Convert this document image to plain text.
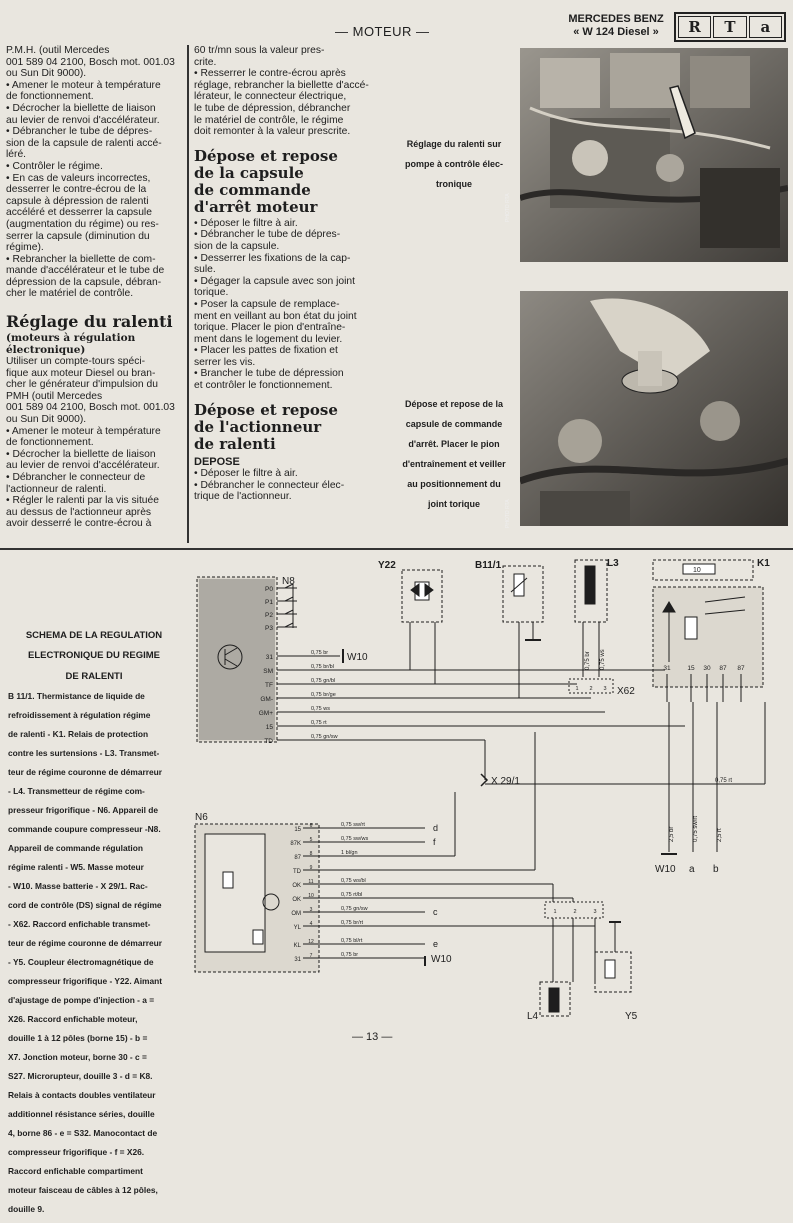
— MOTEUR —
MERCEDES BENZ
« W 124 Diesel »	R	T	a

P.M.H. (outil Mercedes

001 589 04 2100, Bosch mot. 001.03

ou Sun Dit 9000).

• Amener le moteur à température

de fonctionnement.

• Décrocher la biellette de liaison

au levier de renvoi d'accélérateur.

• Débrancher le tube de dépres-

sion de la capsule de ralenti accé-

léré.

• Contrôler le régime.

• En cas de valeurs incorrectes,

desserrer le contre-écrou de la

capsule à dépression de ralenti

accéléré et desserrer la capsule

(augmentation du régime) ou res-

serrer la capsule (diminution du

régime).

• Rebrancher la biellette de com-

mande d'accélérateur et le tube de

dépression de la capsule, débran-

cher le matériel de contrôle.

Réglage du ralenti
(moteurs à régulation
électronique)

Utiliser un compte-tours spéci-

fique aux moteur Diesel ou bran-

cher le générateur d'impulsion du

PMH (outil Mercedes

001 589 04 2100, Bosch mot. 001.03

ou Sun Dit 9000).

• Amener le moteur à température

de fonctionnement.

• Décrocher la biellette de liaison

au levier de renvoi d'accélérateur.

• Débrancher le connecteur de

l'actionneur de ralenti.

• Régler le ralenti par la vis située

au dessus de l'actionneur après

avoir desserré le contre-écrou à

60 tr/mn sous la valeur pres-

crite.

• Resserrer le contre-écrou après

réglage, rebrancher la biellette d'accé-

lérateur, le connecteur électrique,

le tube de dépression, débrancher

le matériel de contrôle, le régime

doit remonter à la valeur prescrite.

Dépose et repose

de la capsule

de commande

d'arrêt moteur

• Déposer le filtre à air.

• Débrancher le tube de dépres-

sion de la capsule.

• Desserrer les fixations de la cap-

sule.

• Dégager la capsule avec son joint

torique.

• Poser la capsule de remplace-

ment en veillant au bon état du joint

torique. Placer le pion d'entraîne-

ment dans le logement du levier.

• Placer les pattes de fixation et

serrer les vis.

• Brancher le tube de dépression

et contrôler le fonctionnement.

Dépose et repose

de l'actionneur

de ralenti

DEPOSE

• Déposer le filtre à air.

• Débrancher le connecteur élec-

trique de l'actionneur.

Réglage du ralenti sur

pompe à contrôle élec-

tronique

PHOTO RTA

Dépose et repose de la

capsule de commande

d'arrêt. Placer le pion

d'entraînement et veiller

au positionnement du

joint torique	PHOTO RTA

SCHEMA DE LA REGULATION

ELECTRONIQUE DU REGIME

DE RALENTI

B 11/1. Thermistance de liquide de

refroidissement à régulation régime

de ralenti - K1. Relais de protection

contre les surtensions - L3. Transmet-

teur de régime couronne de démarreur

- L4. Transmetteur de régime com-

presseur frigorifique - N6. Appareil de

commande coupure compresseur -N8.

Appareil de commande régulation

régime ralenti - W5. Masse moteur

- W10. Masse batterie - X 29/1. Rac-

cord de contrôle (DS) signal de régime

- X62. Raccord enfichable transmet-

teur de régime couronne de démarreur

- Y5. Coupleur électromagnétique de

compresseur frigorifique - Y22. Aimant

d'ajustage de pompe d'injection - a =

X26. Raccord enfichable moteur,

douille 1 à 12 pôles (borne 15) - b =

X7. Jonction moteur, borne 30 - c =

S27. Microrupteur, douille 3 - d = K8.

Relais à contacts doubles ventilateur

additionnel résistance séries, douille

4, borne 86 - e = S32. Manocontact de

compresseur frigorifique - f = X26.

Raccord enfichable compartiment

moteur faisceau de câbles à 12 pôles,

douille 9.

N8
P0
P1
P2
P3
31
SM
TF
GM-
GM+
15
TD
0,75 br
0,75 br/bl
0,75 gn/bl
0,75 br/ge
0,75 ws
0,75 rt
0,75 gn/sw
W10
Y22	B11/1	L3
0,75 br 0,75 ws
K1
10
31	15 30 87 87
1 2 3 X62
0,75 rt
X 29/1
2,5 br	0,75 sw/rt	2,5 rt
W10 a b
N6
15
6
87K
5
87
8
TD
9
OK
11
OK
10
OM
3
YL
4
KL
12
31
7
0,75 sw/rt
0,75 sw/ws
1 bl/gn
0,75 ws/bl
0,75 rt/bl
0,75 gn/sw
0,75 br/rt
0,75 bl/rt
0,75 br
d
f
c
e
W10
1	2	3
L4	Y5
— 13 —
